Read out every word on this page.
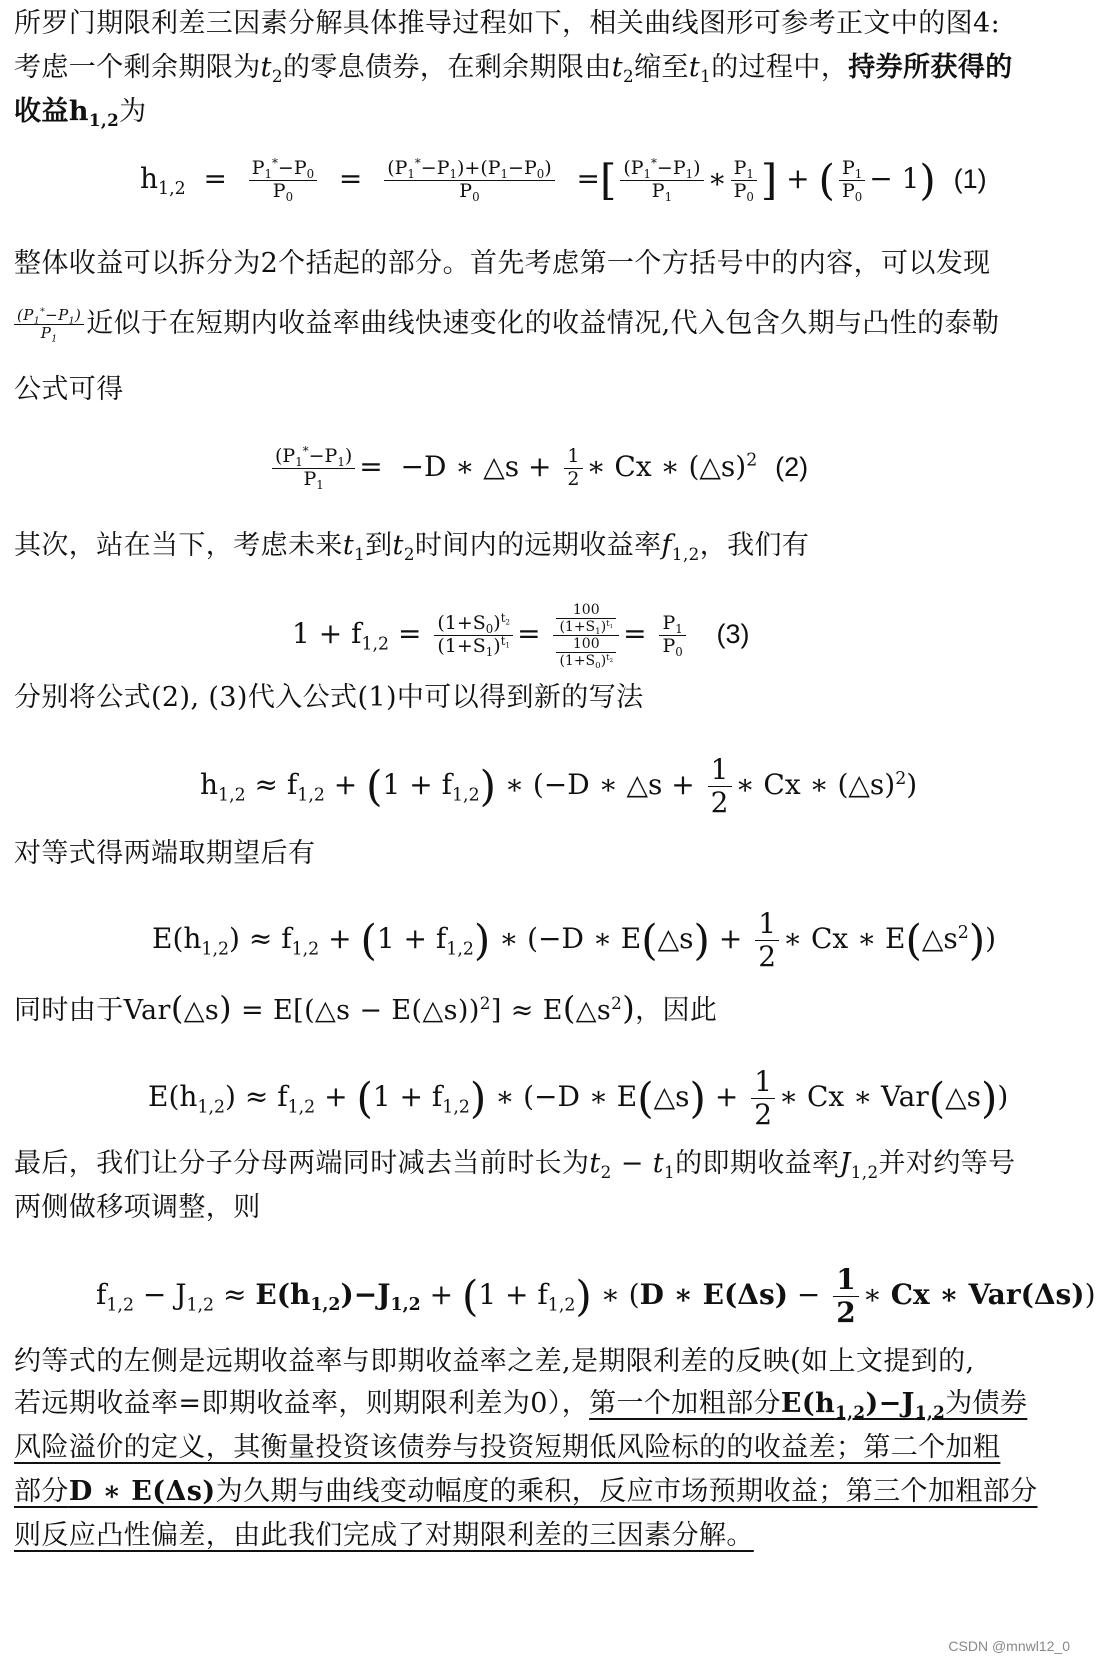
所罗门期限利差三因素分解具体推导过程如下，相关曲线图形可参考正文中的图4:
考虑一个剩余期限为$t_2$的零息债券，在剩余期限由$t_2$缩至$t_1$的过程中，持券所获得的
收益$h_{1,2}$为
$h_{1,2} = \frac{P_1^*-P_0}{P_0} = \frac{(P_1^*-P_1)+(P_1-P_0)}{P_0}$ =[ $\frac{(P_1^*-P_1)}{P_1}$ ∗ $\frac{P_1}{P_0}$ ] + ( $\frac{P_1}{P_0} - 1$) (1)
整体收益可以拆分为2个括起的部分。首先考虑第一个方括号中的内容，可以发现
$\frac{(P_1^*-P_1)}{P_1}$ 近似于在短期内收益率曲线快速变化的收益情况,代入包含久期与凸性的泰勒
公式可得
$\frac{(P_1^*-P_1)}{P_1} = -D$ ∗ △s + $\frac{1}{2}$ ∗ Cx ∗ (△s)$^2$ (2)
其次，站在当下，考虑未来$t_1$到$t_2$时间内的远期收益率$f_{1,2}$，我们有
$1 + f_{1,2} = \frac{(1+S_0)^{t_2}}{(1+S_1)^{t_1}} = \frac{\frac{100}{(1+S_1)^{t_1}}}{\frac{100}{(1+S_0)^{t_2}}} = \frac{P_1}{P_0} (3)$
分别将公式(2), (3)代入公式(1)中可以得到新的写法
$h_{1,2} \approx f_{1,2} + (1 + f_{1,2})$ ∗ (−D ∗ △s + $\frac{1}{2}$ ∗ Cx ∗ (△s)$^2$)
对等式得两端取期望后有
$E(h_{1,2}) \approx f_{1,2} + (1 + f_{1,2})$ ∗ (−D ∗ E(△s) + $\frac{1}{2}$ ∗ Cx ∗ $E(\triangle s^2)$)
同时由于Var(△s) = E[(△s − E(△s))$^2$] ≈ $E(\triangle s^2)$，因此
$E(h_{1,2}) \approx f_{1,2} + (1 + f_{1,2})$ ∗ (−D ∗ E(△s) + $\frac{1}{2}$ ∗ Cx ∗ Var(△s))
最后，我们让分子分母两端同时减去当前时长为$t_2 - t_1$的即期收益率$J_{1,2}$并对约等号
两侧做移项调整，则
$f_{1,2} - J_{1,2} \approx E(h_{1,2})-J_{1,2} + (1 + f_{1,2})$ ∗ (D ∗ $E(\Delta s) - \frac{1}{2}$ ∗ Cx ∗ Var(Δs))
约等式的左侧是远期收益率与即期收益率之差,是期限利差的反映(如上文提到的,
若远期收益率=即期收益率，则期限利差为0），第一个加粗部分$E(h_{1,2})-J_{1,2}$为债券
风险溢价的定义，其衡量投资该债券与投资短期低风险标的的收益差；第二个加粗
部分D ∗ E(Δs)为久期与曲线变动幅度的乘积，反应市场预期收益；第三个加粗部分
则反应凸性偏差，由此我们完成了对期限利差的三因素分解。
CSDN @mnwl12_0
